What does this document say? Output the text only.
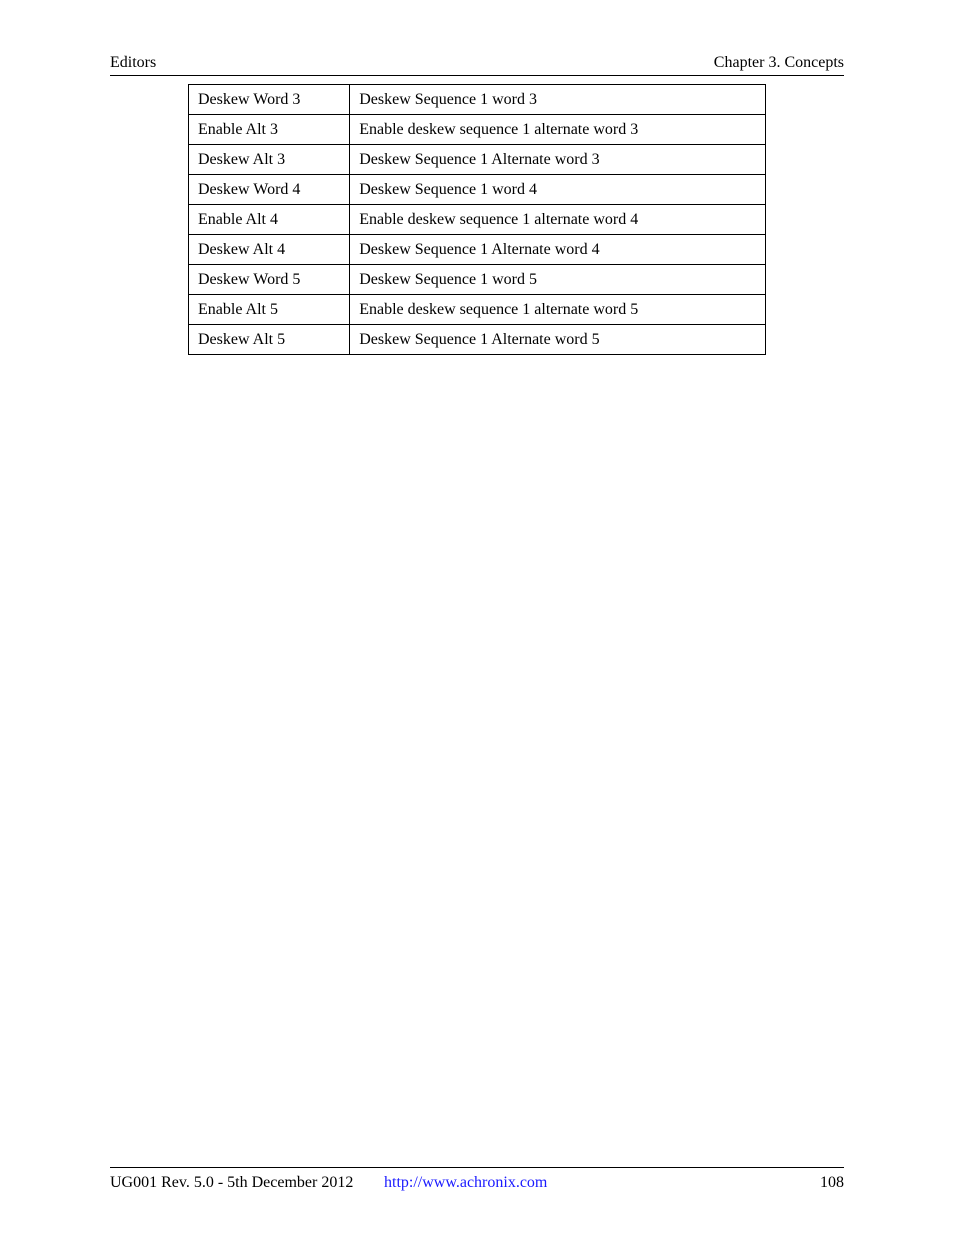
Editors	Chapter 3. Concepts
Deskew Word 3	Deskew Sequence 1 word 3
Enable Alt 3	Enable deskew sequence 1 alternate word 3
Deskew Alt 3	Deskew Sequence 1 Alternate word 3
Deskew Word 4	Deskew Sequence 1 word 4
Enable Alt 4	Enable deskew sequence 1 alternate word 4
Deskew Alt 4	Deskew Sequence 1 Alternate word 4
Deskew Word 5	Deskew Sequence 1 word 5
Enable Alt 5	Enable deskew sequence 1 alternate word 5
Deskew Alt 5	Deskew Sequence 1 Alternate word 5
UG001 Rev. 5.0 - 5th December 2012 http://www.achronix.com	108
